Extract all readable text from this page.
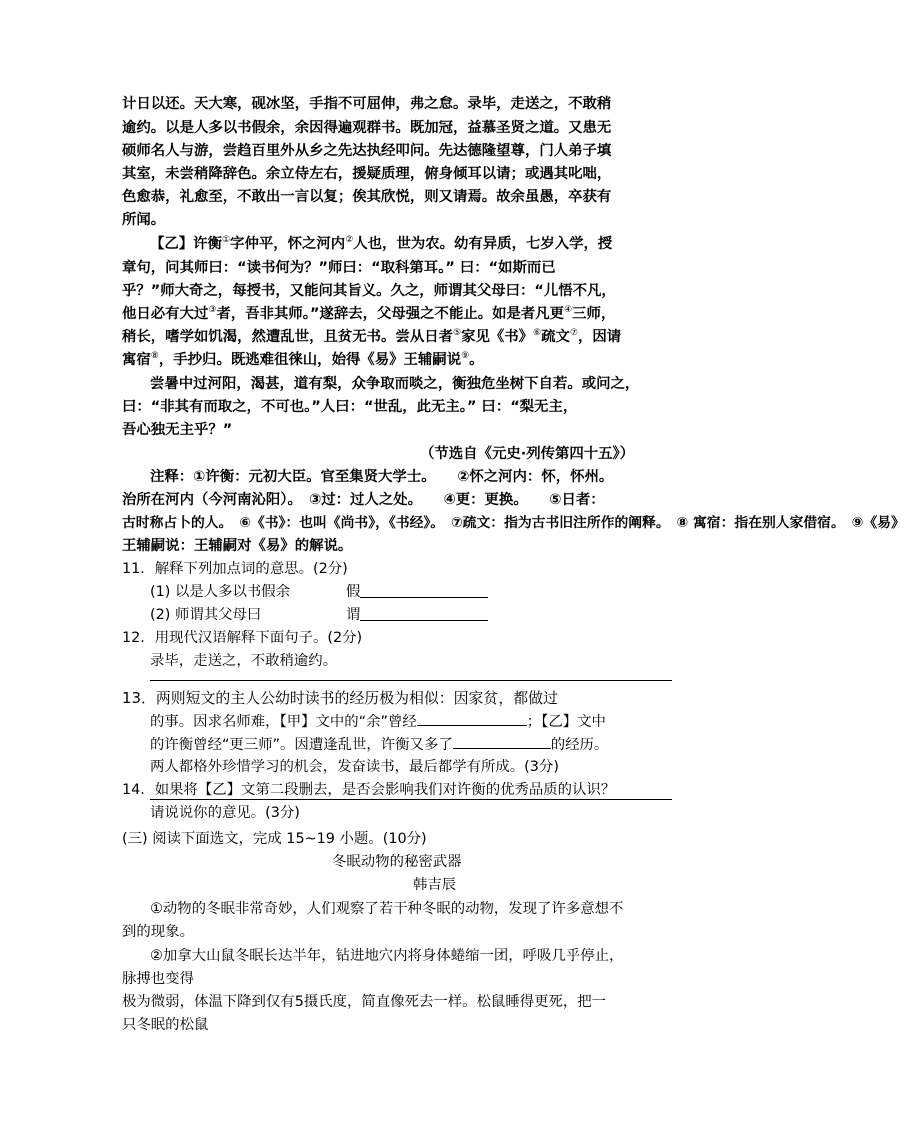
计日以还。天大寒，砚冰坚，手指不可屈伸，弗之怠。录毕，走送之，不敢稍
逾约。以是人多以书假余，余因得遍观群书。既加冠，益慕圣贤之道。又患无
硕师名人与游，尝趋百里外从乡之先达执经叩问。先达德隆望尊，门人弟子填
其室，未尝稍降辞色。余立侍左右，援疑质理，俯身倾耳以请；或遇其叱咄，
色愈恭，礼愈至，不敢出一言以复；俟其欣悦，则又请焉。故余虽愚，卒获有
所闻。
【乙】许衡①字仲平，怀之河内②人也，世为农。幼有异质，七岁入学，授
章句，问其师曰：“读书何为？”师曰：“取科第耳。” 曰：“如斯而已
乎？”师大奇之，每授书，又能问其旨义。久之，师谓其父母曰：“儿悟不凡，
他日必有大过③者，吾非其师。”遂辞去，父母强之不能止。如是者凡更④三师，
稍长，嗜学如饥渴，然遭乱世，且贫无书。尝从日者⑤家见《书》⑥疏文⑦，因请
寓宿⑧，手抄归。既逃难徂徕山，始得《易》王辅嗣说⑨。
尝暑中过河阳，渴甚，道有梨，众争取而啖之，衡独危坐树下自若。或问之，
曰：“非其有而取之，不可也。”人曰：“世乱，此无主。” 曰：“梨无主，
吾心独无主乎？”
（节选自《元史·列传第四十五》）
注释：①许衡：元初大臣。官至集贤大学士。　　②怀之河内：怀，怀州。
治所在河内（今河南沁阳）。　③过：过人之处。　　④更：更换。　　⑤日者：
古时称占卜的人。　⑥《书》：也叫《尚书》，《书经》。　⑦疏文：指为古书旧注所作的阐释。　⑧ 寓宿：指在别人家借宿。　⑨《易》
王辅嗣说：王辅嗣对《易》的解说。
11．解释下列加点词的意思。(2分)
(1) 以是人多以书假余	假
(2) 师谓其父母曰	谓
12．用现代汉语解释下面句子。(2分)
录毕，走送之，不敢稍逾约。
13．两则短文的主人公幼时读书的经历极为相似：因家贫，都做过
的事。因求名师难，【甲】文中的“余”曾经	；【乙】文中
的许衡曾经“更三师”。因遭逢乱世，许衡又多了	的经历。
两人都格外珍惜学习的机会，发奋读书，最后都学有所成。(3分)
14．如果将【乙】文第二段删去，是否会影响我们对许衡的优秀品质的认识？
请说说你的意见。(3分)
(三) 阅读下面选文，完成 15~19 小题。(10分)
冬眠动物的秘密武器
韩吉辰
①动物的冬眠非常奇妙，人们观察了若干种冬眠的动物，发现了许多意想不
到的现象。
②加拿大山鼠冬眠长达半年，钻进地穴内将身体蜷缩一团，呼吸几乎停止，
脉搏也变得
极为微弱，体温下降到仅有5摄氏度，简直像死去一样。松鼠睡得更死，把一
只冬眠的松鼠
